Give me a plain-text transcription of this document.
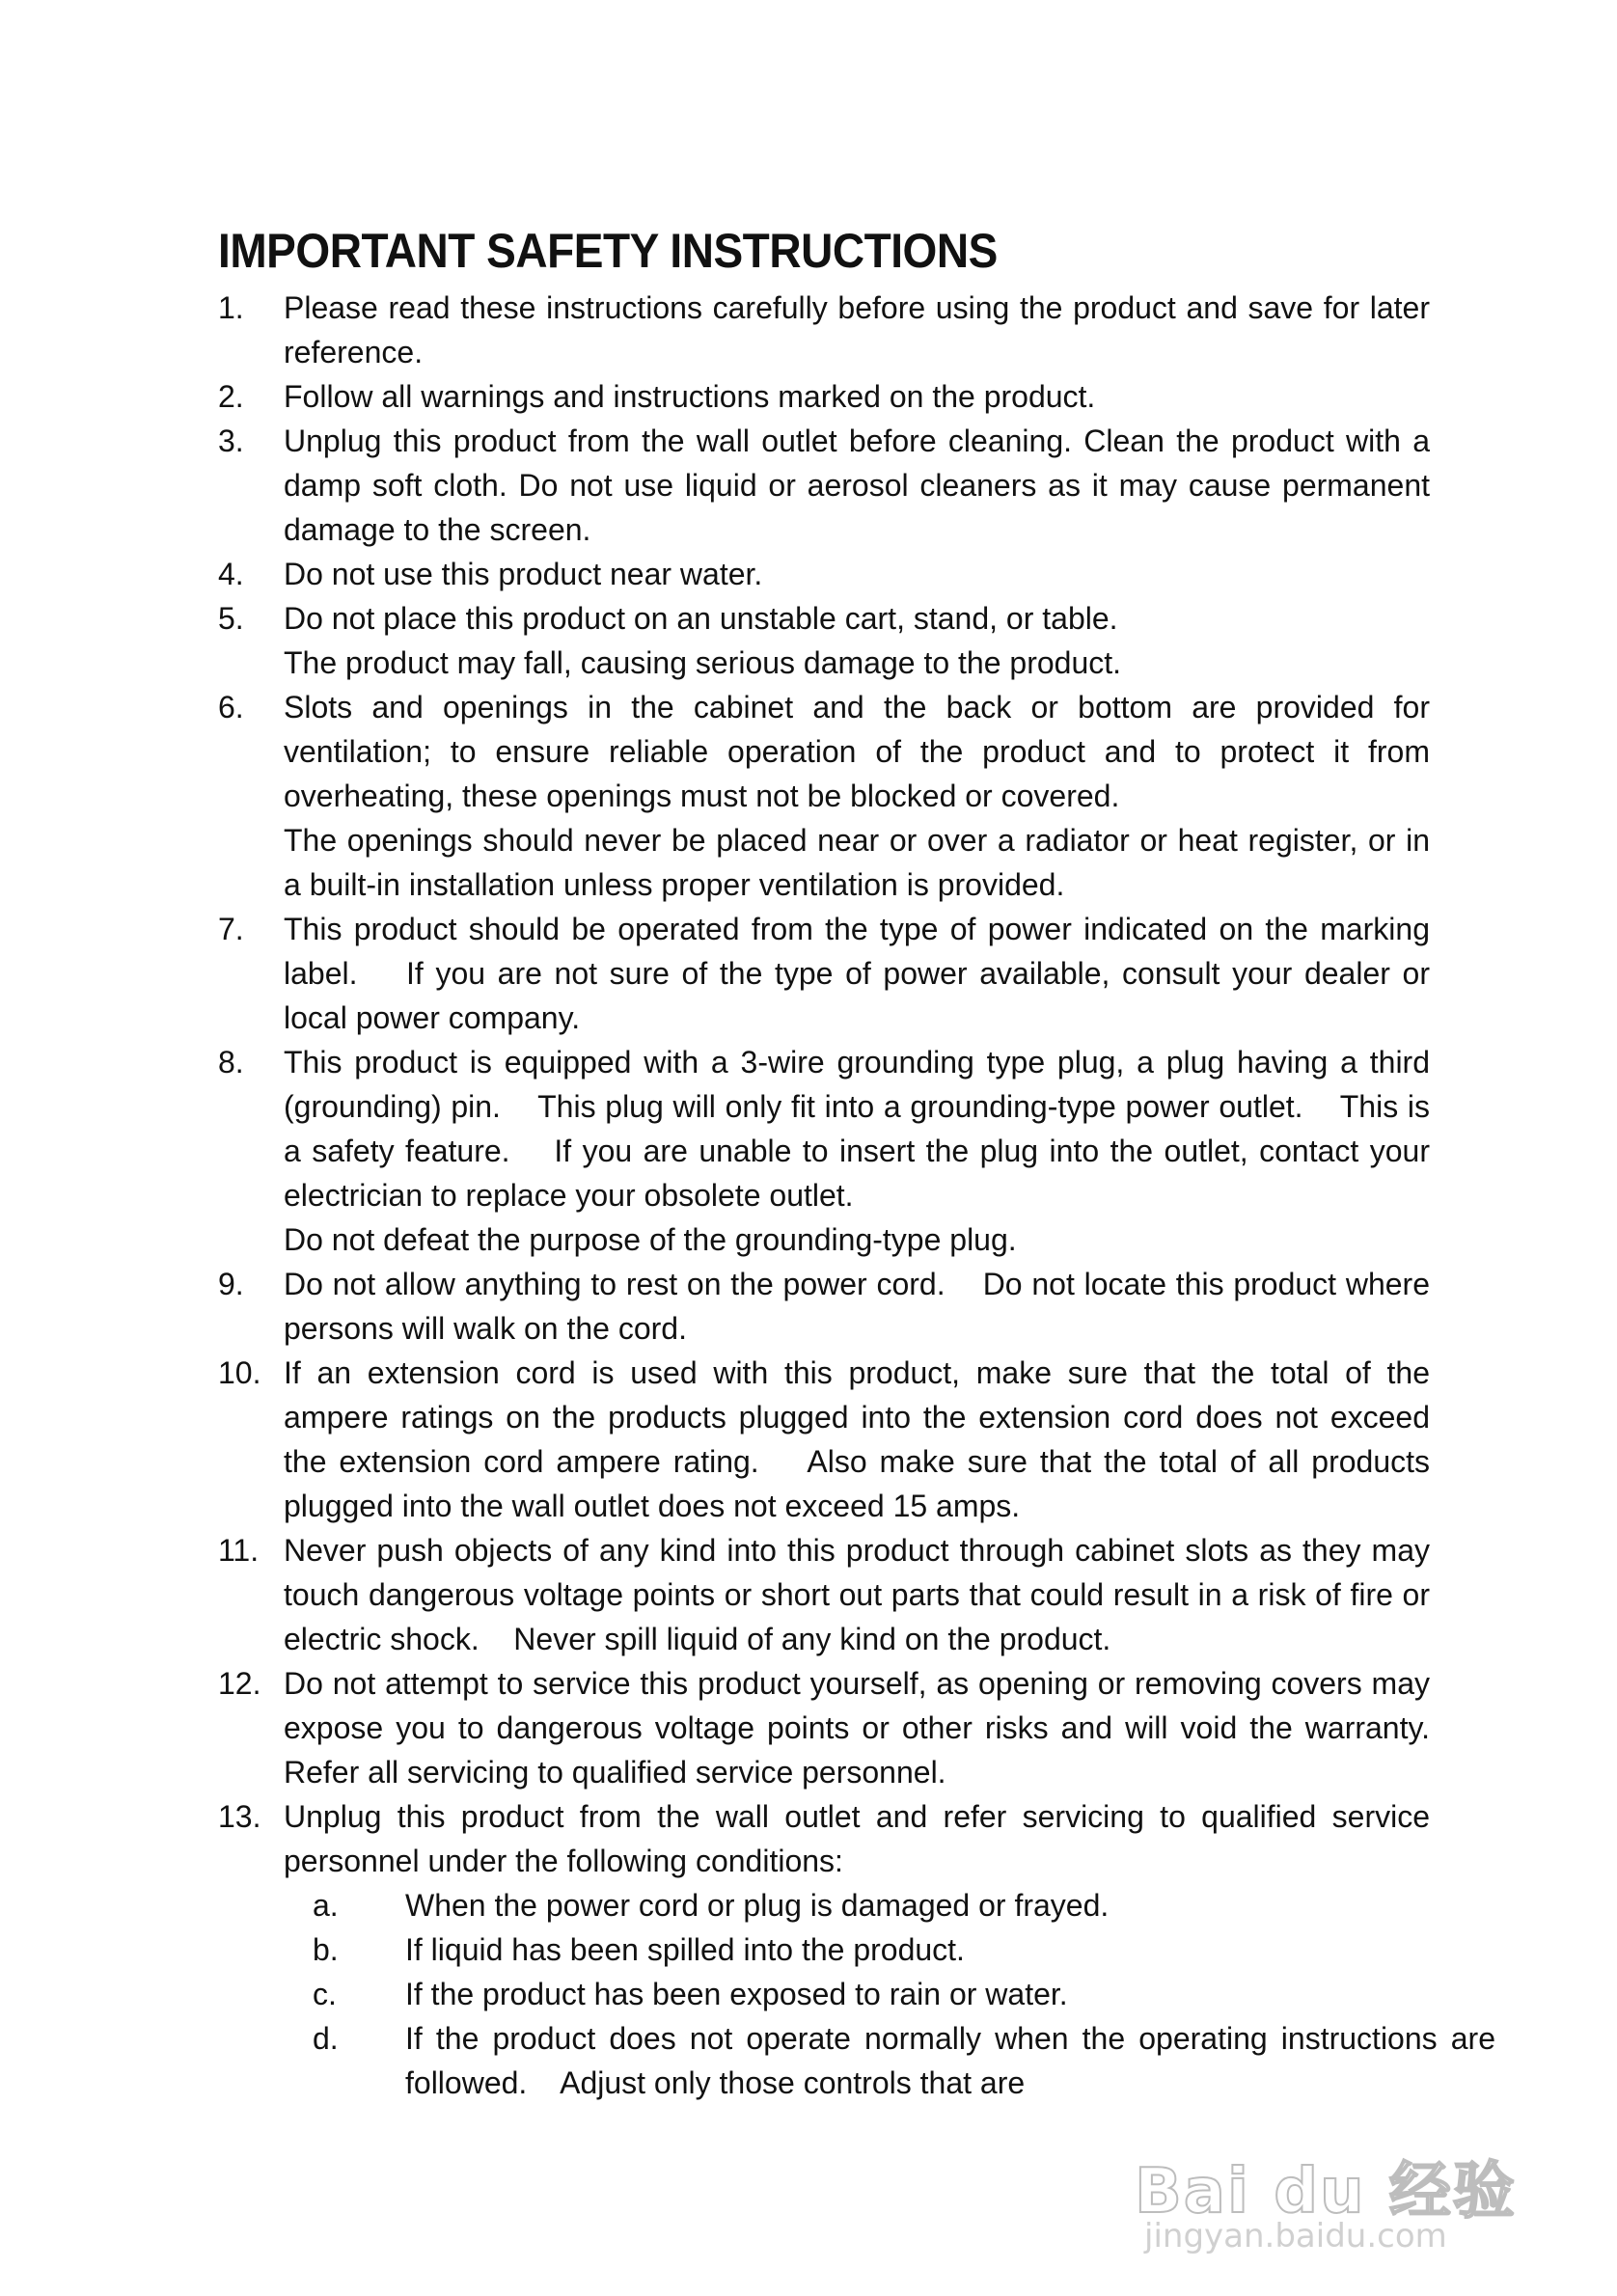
IMPORTANT SAFETY INSTRUCTIONS
1. Please read these instructions carefully before using the product and save for later reference.
2. Follow all warnings and instructions marked on the product.
3. Unplug this product from the wall outlet before cleaning. Clean the product with a damp soft cloth. Do not use liquid or aerosol cleaners as it may cause permanent damage to the screen.
4. Do not use this product near water.
5. Do not place this product on an unstable cart, stand, or table.
The product may fall, causing serious damage to the product.
6. Slots and openings in the cabinet and the back or bottom are provided for ventilation; to ensure reliable operation of the product and to protect it from overheating, these openings must not be blocked or covered.
The openings should never be placed near or over a radiator or heat register, or in a built-in installation unless proper ventilation is provided.
7. This product should be operated from the type of power indicated on the marking label.    If you are not sure of the type of power available, consult your dealer or local power company.
8. This product is equipped with a 3-wire grounding type plug, a plug having a third (grounding) pin.    This plug will only fit into a grounding-type power outlet.    This is a safety feature.    If you are unable to insert the plug into the outlet, contact your electrician to replace your obsolete outlet.
Do not defeat the purpose of the grounding-type plug.
9. Do not allow anything to rest on the power cord.    Do not locate this product where persons will walk on the cord.
10. If an extension cord is used with this product, make sure that the total of the ampere ratings on the products plugged into the extension cord does not exceed the extension cord ampere rating.    Also make sure that the total of all products plugged into the wall outlet does not exceed 15 amps.
11. Never push objects of any kind into this product through cabinet slots as they may touch dangerous voltage points or short out parts that could result in a risk of fire or electric shock.    Never spill liquid of any kind on the product.
12. Do not attempt to service this product yourself, as opening or removing covers may expose you to dangerous voltage points or other risks and will void the warranty.    Refer all servicing to qualified service personnel.
13. Unplug this product from the wall outlet and refer servicing to qualified service personnel under the following conditions:
a. When the power cord or plug is damaged or frayed.
b. If liquid has been spilled into the product.
c. If the product has been exposed to rain or water.
d. If the product does not operate normally when the operating instructions are followed.    Adjust only those controls that are
Bai du 经验
jingyan.baidu.com
